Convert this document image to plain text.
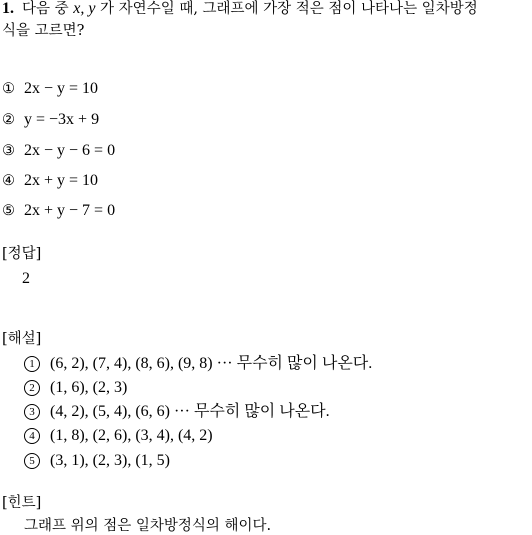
1. 다음 중 x, y 가 자연수일 때, 그래프에 가장 적은 점이 나타나는 일차방정
식을 고르면?
① 2x − y = 10
② y = −3x + 9
③ 2x − y − 6 = 0
④ 2x + y = 10
⑤ 2x + y − 7 = 0
[정답]
2
[해설]
1 (6, 2), (7, 4), (8, 6), (9, 8) ··· 무수히 많이 나온다.
2 (1, 6), (2, 3)
3 (4, 2), (5, 4), (6, 6) ··· 무수히 많이 나온다.
4 (1, 8), (2, 6), (3, 4), (4, 2)
5 (3, 1), (2, 3), (1, 5)
[힌트]
그래프 위의 점은 일차방정식의 해이다.
